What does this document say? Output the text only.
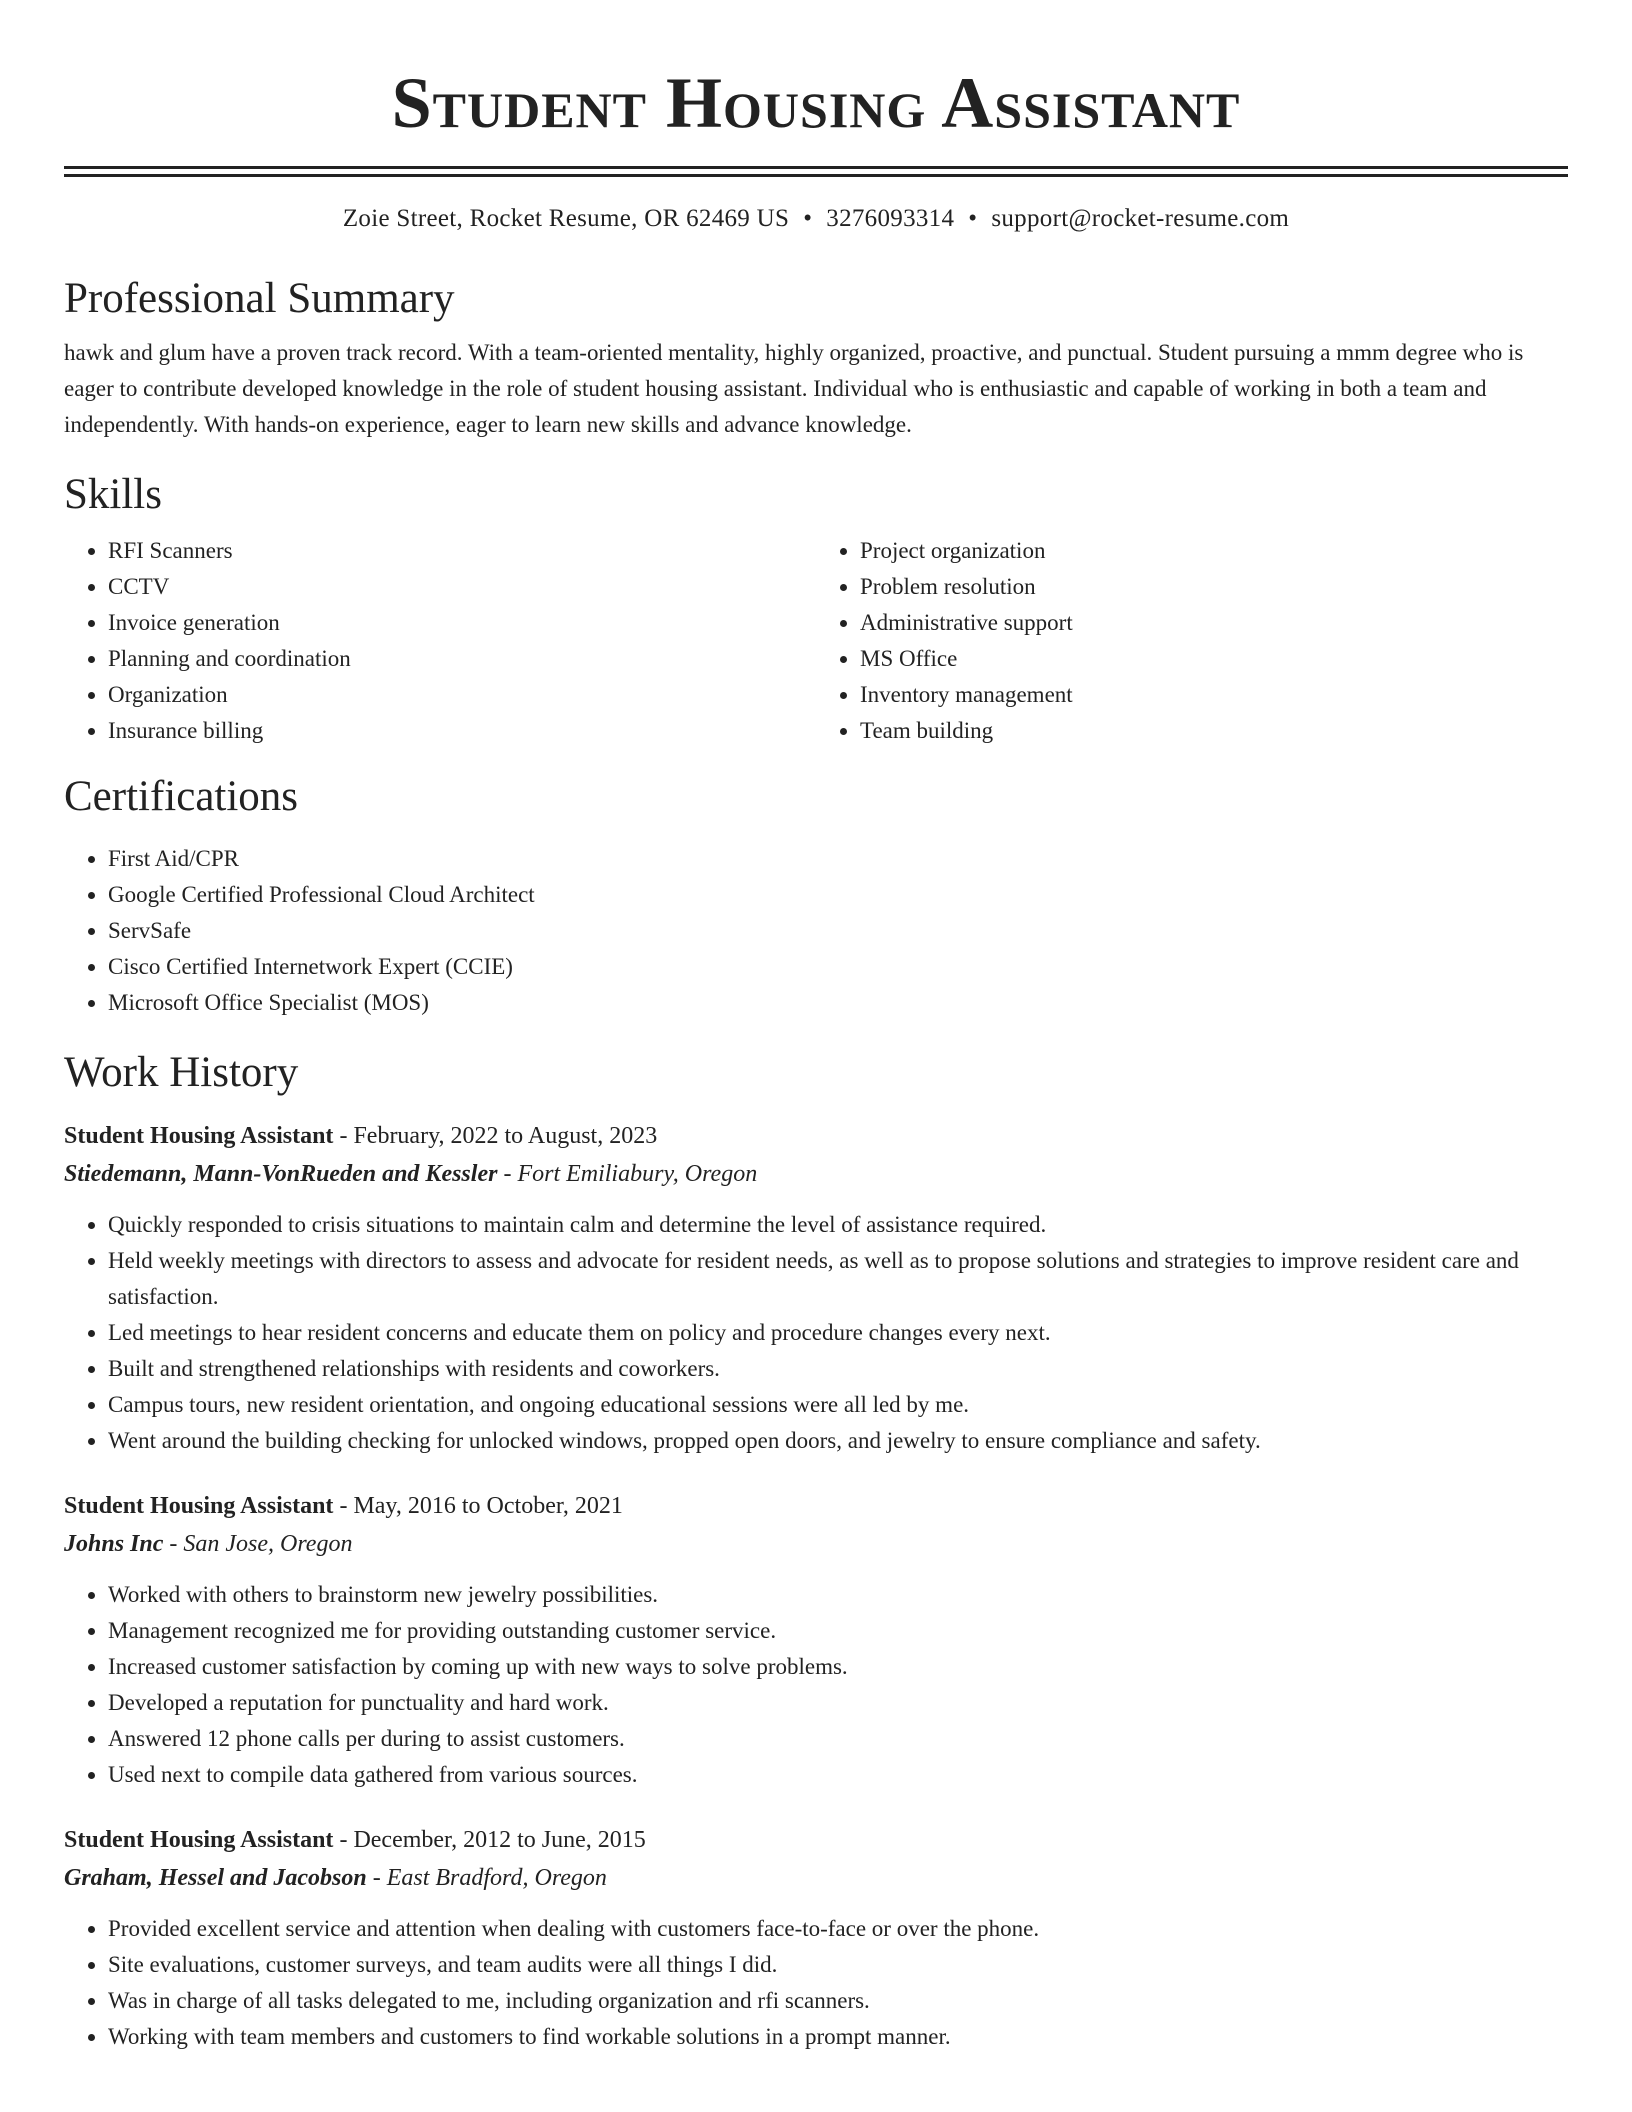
Student Housing Assistant
Zoie Street, Rocket Resume, OR 62469 US • 3276093314 • support@rocket-resume.com
Professional Summary
hawk and glum have a proven track record. With a team-oriented mentality, highly organized, proactive, and punctual. Student pursuing a mmm degree who is eager to contribute developed knowledge in the role of student housing assistant. Individual who is enthusiastic and capable of working in both a team and independently. With hands-on experience, eager to learn new skills and advance knowledge.
Skills
• RFI Scanners
• CCTV
• Invoice generation
• Planning and coordination
• Organization
• Insurance billing
• Project organization
• Problem resolution
• Administrative support
• MS Office
• Inventory management
• Team building
Certifications
• First Aid/CPR
• Google Certified Professional Cloud Architect
• ServSafe
• Cisco Certified Internetwork Expert (CCIE)
• Microsoft Office Specialist (MOS)
Work History
Student Housing Assistant - February, 2022 to August, 2023
Stiedemann, Mann-VonRueden and Kessler - Fort Emiliabury, Oregon
• Quickly responded to crisis situations to maintain calm and determine the level of assistance required.
• Held weekly meetings with directors to assess and advocate for resident needs, as well as to propose solutions and strategies to improve resident care and satisfaction.
• Led meetings to hear resident concerns and educate them on policy and procedure changes every next.
• Built and strengthened relationships with residents and coworkers.
• Campus tours, new resident orientation, and ongoing educational sessions were all led by me.
• Went around the building checking for unlocked windows, propped open doors, and jewelry to ensure compliance and safety.
Student Housing Assistant - May, 2016 to October, 2021
Johns Inc - San Jose, Oregon
• Worked with others to brainstorm new jewelry possibilities.
• Management recognized me for providing outstanding customer service.
• Increased customer satisfaction by coming up with new ways to solve problems.
• Developed a reputation for punctuality and hard work.
• Answered 12 phone calls per during to assist customers.
• Used next to compile data gathered from various sources.
Student Housing Assistant - December, 2012 to June, 2015
Graham, Hessel and Jacobson - East Bradford, Oregon
• Provided excellent service and attention when dealing with customers face-to-face or over the phone.
• Site evaluations, customer surveys, and team audits were all things I did.
• Was in charge of all tasks delegated to me, including organization and rfi scanners.
• Working with team members and customers to find workable solutions in a prompt manner.
